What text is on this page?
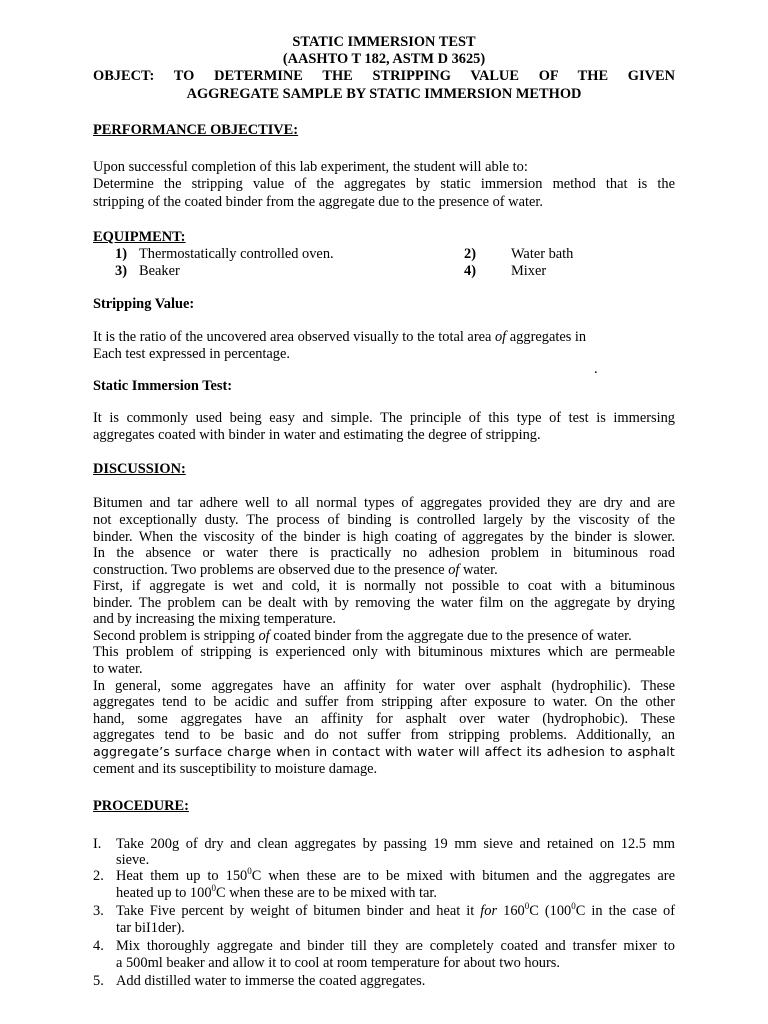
STATIC IMMERSION TEST
(AASHTO T 182, ASTM D 3625)
OBJECT: TO DETERMINE THE STRIPPING VALUE OF THE GIVEN
AGGREGATE SAMPLE BY STATIC IMMERSION METHOD
PERFORMANCE OBJECTIVE:
Upon successful completion of this lab experiment, the student will able to:
Determine the stripping value of the aggregates by static immersion method that is the
stripping of the coated binder from the aggregate due to the presence of water.
EQUIPMENT:
1) Thermostatically controlled oven.	2) Water bath
3) Beaker	4) Mixer
Stripping Value:
It is the ratio of the uncovered area observed visually to the total area of aggregates in
Each test expressed in percentage.
.
Static Immersion Test:
It is commonly used being easy and simple. The principle of this type of test is immersing
aggregates coated with binder in water and estimating the degree of stripping.
DISCUSSION:
Bitumen and tar adhere well to all normal types of aggregates provided they are dry and are
not exceptionally dusty. The process of binding is controlled largely by the viscosity of the
binder. When the viscosity of the binder is high coating of aggregates by the binder is slower.
In the absence or water there is practically no adhesion problem in bituminous road
construction. Two problems are observed due to the presence of water.
First, if aggregate is wet and cold, it is normally not possible to coat with a bituminous
binder. The problem can be dealt with by removing the water film on the aggregate by drying
and by increasing the mixing temperature.
Second problem is stripping of coated binder from the aggregate due to the presence of water.
This problem of stripping is experienced only with bituminous mixtures which are permeable
to water.
In general, some aggregates have an affinity for water over asphalt (hydrophilic). These
aggregates tend to be acidic and suffer from stripping after exposure to water. On the other
hand, some aggregates have an affinity for asphalt over water (hydrophobic). These
aggregates tend to be basic and do not suffer from stripping problems. Additionally, an
aggregate’s surface charge when in contact with water will affect its adhesion to asphalt
cement and its susceptibility to moisture damage.
PROCEDURE:
I. Take 200g of dry and clean aggregates by passing 19 mm sieve and retained on 12.5 mm
sieve.
2. Heat them up to $150^0C$ when these are to be mixed with bitumen and the aggregates are
heated up to $100^0C$ when these are to be mixed with tar.
3. Take Five percent by weight of bitumen binder and heat it for $160^0C$ ($100^0C$ in the case of
tar biI1der).
4. Mix thoroughly aggregate and binder till they are completely coated and transfer mixer to
a 500ml beaker and allow it to cool at room temperature for about two hours.
5. Add distilled water to immerse the coated aggregates.
